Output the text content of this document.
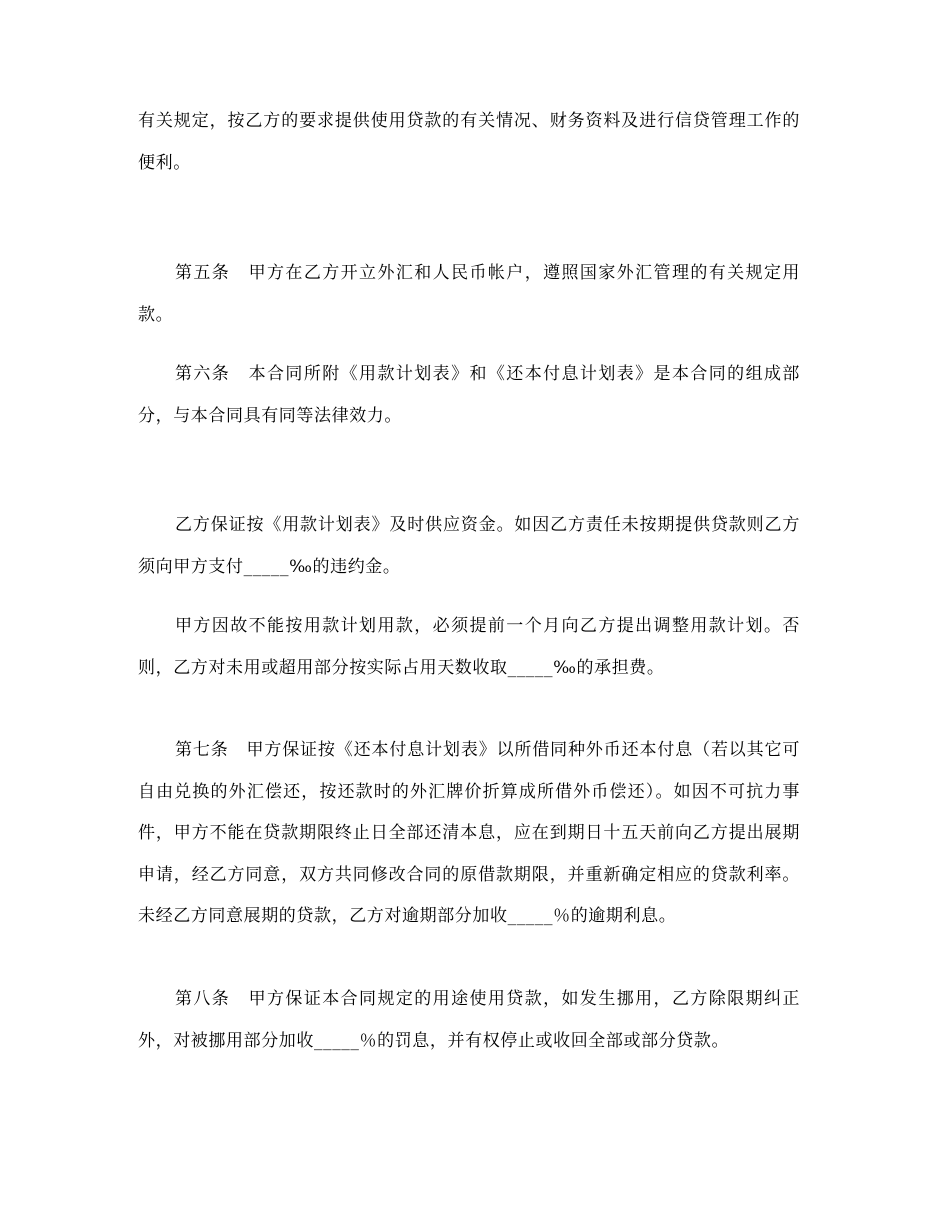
有关规定，按乙方的要求提供使用贷款的有关情况、财务资料及进行信贷管理工作的便利。

第五条　甲方在乙方开立外汇和人民币帐户，遵照国家外汇管理的有关规定用款。

第六条　本合同所附《用款计划表》和《还本付息计划表》是本合同的组成部分，与本合同具有同等法律效力。

乙方保证按《用款计划表》及时供应资金。如因乙方责任未按期提供贷款则乙方须向甲方支付_____‰的违约金。

甲方因故不能按用款计划用款，必须提前一个月向乙方提出调整用款计划。否则，乙方对未用或超用部分按实际占用天数收取_____‰的承担费。

第七条　甲方保证按《还本付息计划表》以所借同种外币还本付息（若以其它可自由兑换的外汇偿还，按还款时的外汇牌价折算成所借外币偿还）。如因不可抗力事件，甲方不能在贷款期限终止日全部还清本息，应在到期日十五天前向乙方提出展期申请，经乙方同意，双方共同修改合同的原借款期限，并重新确定相应的贷款利率。未经乙方同意展期的贷款，乙方对逾期部分加收_____％的逾期利息。

第八条　甲方保证本合同规定的用途使用贷款，如发生挪用，乙方除限期纠正外，对被挪用部分加收_____％的罚息，并有权停止或收回全部或部分贷款。
